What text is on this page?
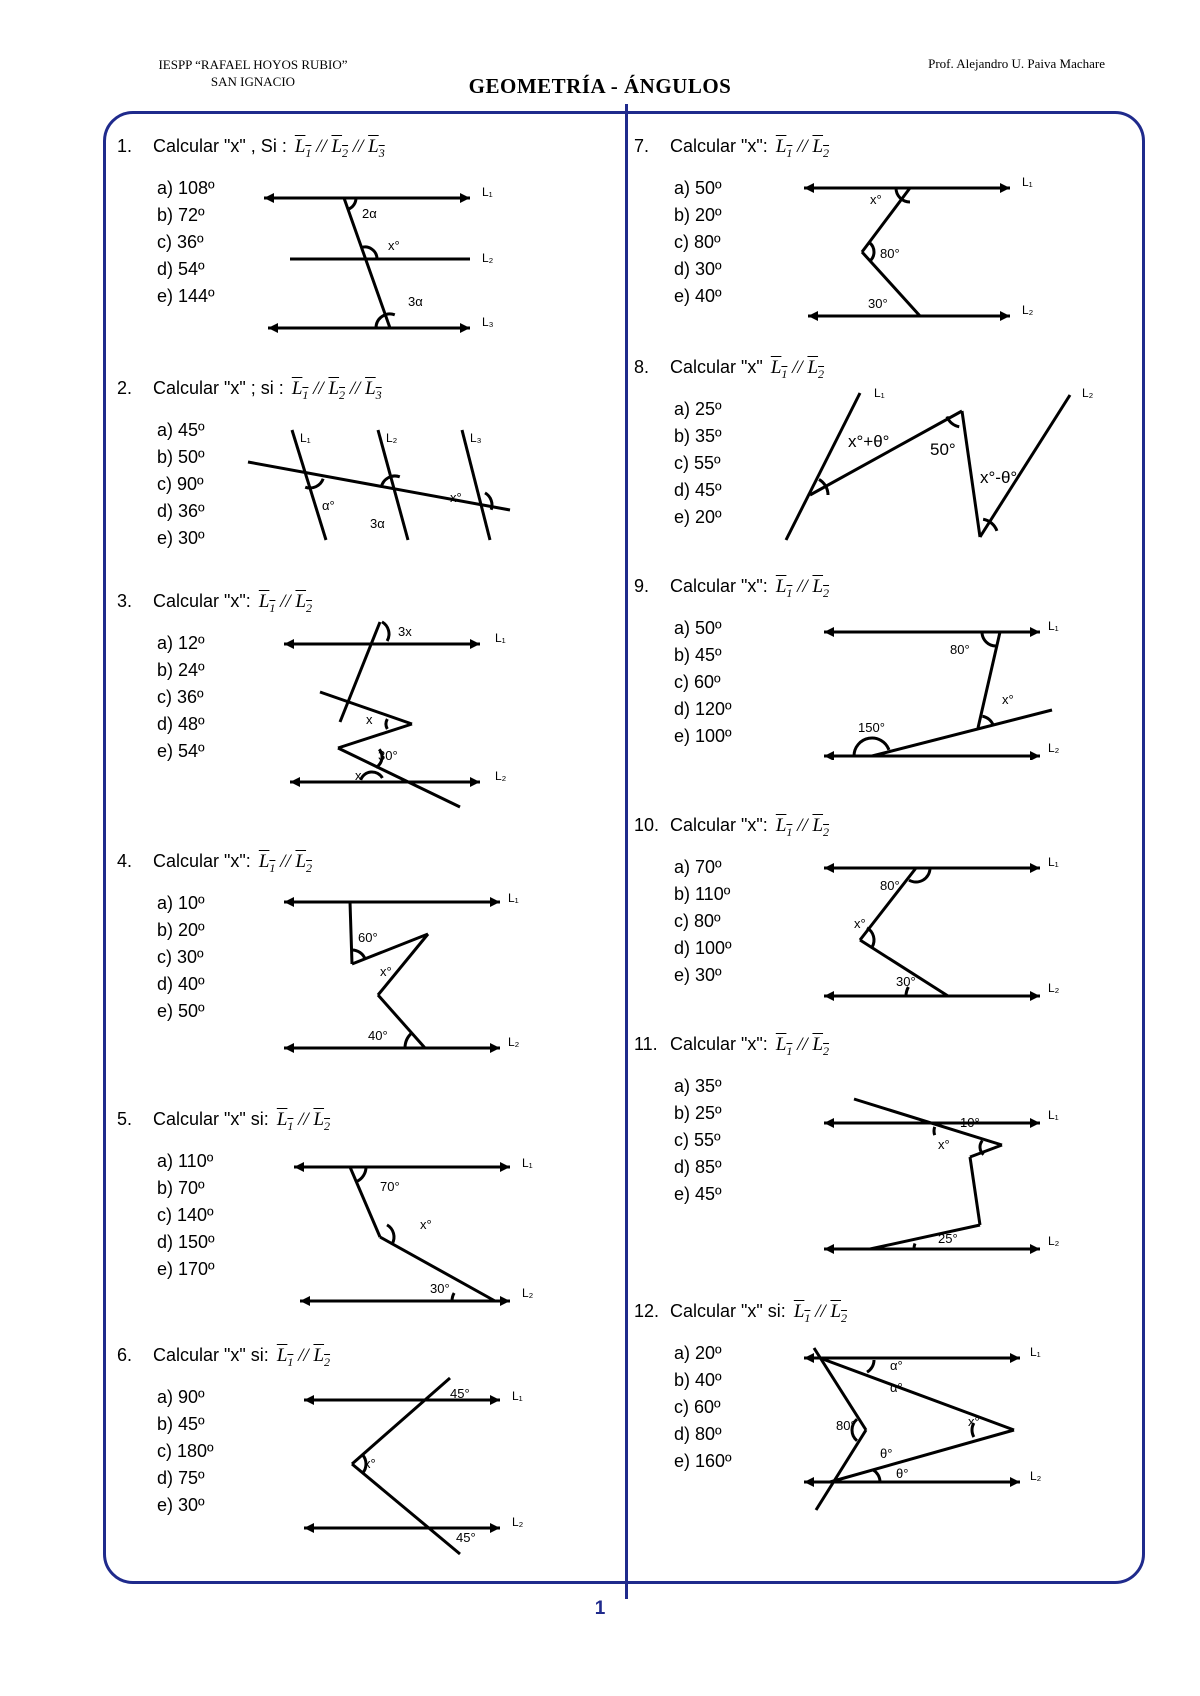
IESPP “RAFAEL HOYOS RUBIO”
SAN IGNACIO
Prof. Alejandro U. Paiva Machare
GEOMETRÍA - ÁNGULOS
1
1. Calcular "x" , Si : $L_1 // L_2 // L_3$
a) 108º
b) 72º
c) 36º
d) 54º
e) 144º
2. Calcular "x" ; si : $L_1 // L_2 // L_3$
a) 45º
b) 50º
c) 90º
d) 36º
e) 30º
3. Calcular "x": $L_1 // L_2$
a) 12º
b) 24º
c) 36º
d) 48º
e) 54º
4. Calcular "x": $L_1 // L_2$
a) 10º
b) 20º
c) 30º
d) 40º
e) 50º
5. Calcular "x" si: $L_1 // L_2$
a) 110º
b) 70º
c) 140º
d) 150º
e) 170º
6. Calcular "x" si: $L_1 // L_2$
a) 90º
b) 45º
c) 180º
d) 75º
e) 30º
7. Calcular "x": $L_1 // L_2$
a) 50º
b) 20º
c) 80º
d) 30º
e) 40º
8. Calcular "x" $L_1 // L_2$
a) 25º
b) 35º
c) 55º
d) 45º
e) 20º
9. Calcular "x": $L_1 // L_2$
a) 50º
b) 45º
c) 60º
d) 120º
e) 100º
10. Calcular "x": $L_1 // L_2$
a) 70º
b) 110º
c) 80º
d) 100º
e) 30º
11. Calcular "x": $L_1 // L_2$
a) 35º
b) 25º
c) 55º
d) 85º
e) 45º
12. Calcular "x" si: $L_1 // L_2$
a) 20º
b) 40º
c) 60º
d) 80º
e) 160º
L₁
L₂
L₃
2α
x°
3α
L₁	L₂	L₃
α°
3α
x°
L₁
L₂
3x
x
30°
x
L₁
L₂
70°
x°
30°
L₁
L₂
60°
x°
40°
L₁
L₂
45°
x°
45°
L₁
L₂
x°
80°
30°
L₁	L₂
x°+θ° 50°
x°-θ°
L₁
L₂
80°
x°
150°
L₁
L₂
80°
x°
30°
L₁
L₂
10°
x°
25°
L₁
L₂
α°
α°
80°	x°
θ°
θ°
